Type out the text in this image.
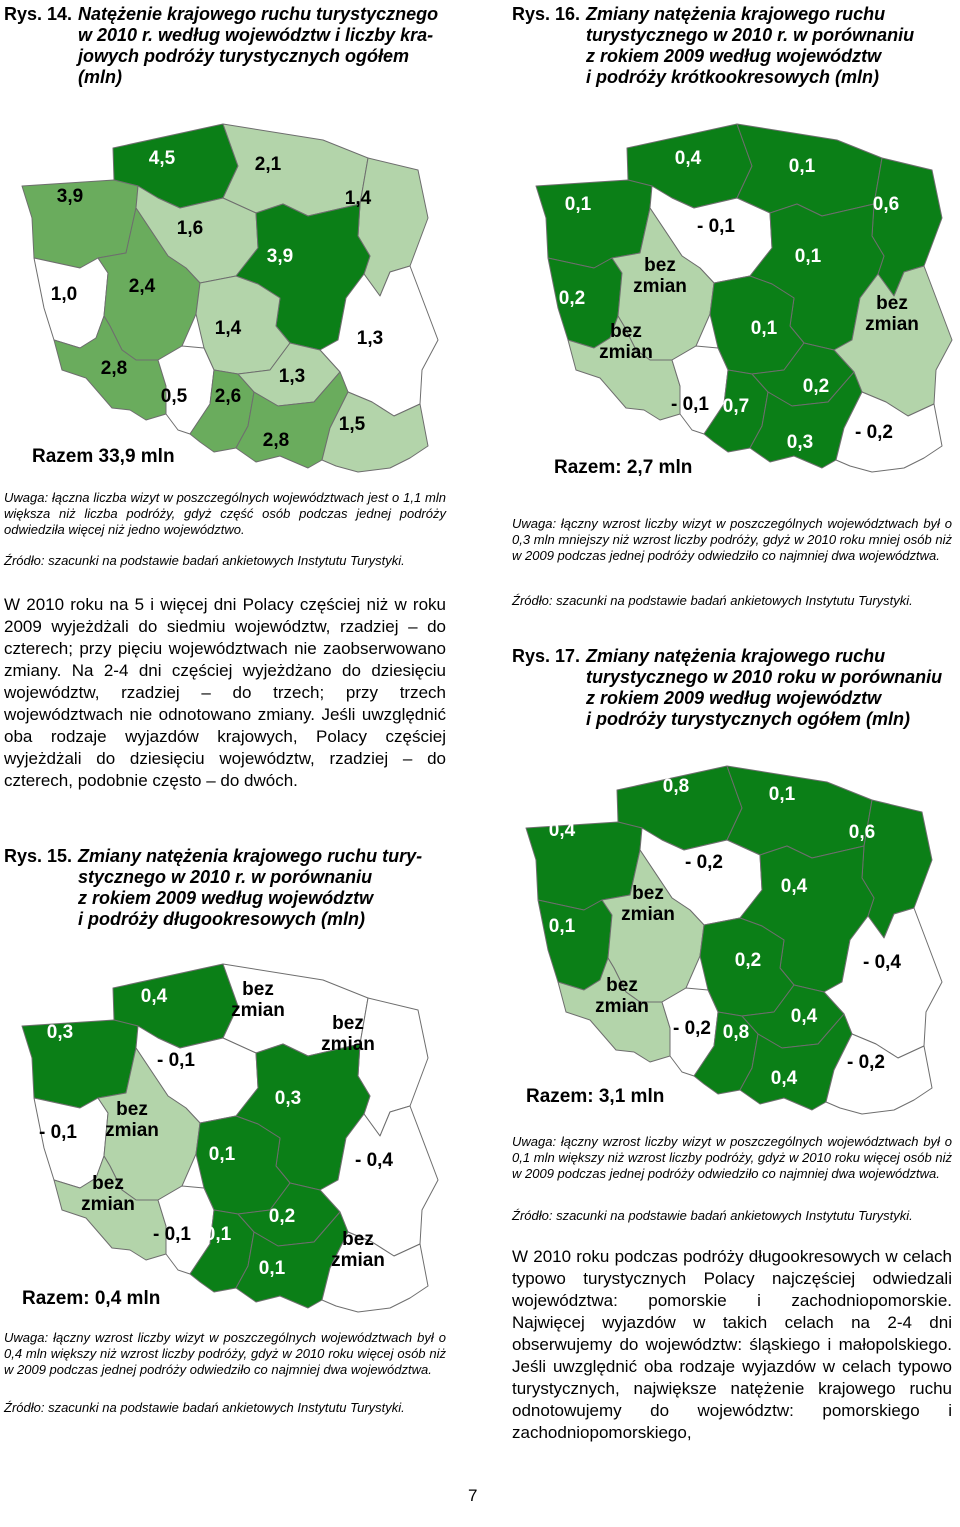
Rys. 14. Natężenie krajowego ruchu turystycznego
w 2010 r. według województw i liczby kra-
jowych podróży turystycznych ogółem
(mln)
4,5
3,9
2,1
1,4
1,6
3,9
1,0	2,4
1,4	1,3
2,8
0,5	2,6
1,3
2,8
1,5
Razem 33,9 mln
Uwaga: łączna liczba wizyt w poszczególnych województwach jest o 1,1 mln większa niż liczba podróży, gdyż część osób podczas jednej podróży odwiedziła więcej niż jedno województwo.
Źródło: szacunki na podstawie badań ankietowych Instytutu Turystyki.
W 2010 roku na 5 i więcej dni Polacy częściej niż w roku 2009 wyjeżdżali do siedmiu województw, rzadziej – do czterech; przy pięciu województwach nie zaobserwowano zmiany. Na 2-4 dni częściej wyjeżdżano do dziesięciu województw, rzadziej – do trzech; przy trzech województwach nie odnotowano zmiany. Jeśli uwzględnić oba rodzaje wyjazdów krajowych, Polacy częściej wyjeżdżali do dziesięciu województw, rzadziej – do czterech, podobnie często – do dwóch.
Rys. 15. Zmiany natężenia krajowego ruchu tury-
stycznego w 2010 r. w porównaniu
z rokiem 2009 według województw
i podróży długookresowych (mln)
0,4
0,3
bez
zmian
bez
zmian
- 0,1
0,3
- 0,1
bez
zmian
0,1	- 0,4
bez
zmian
- 0,1 0,1
0,2
0,1
bez
zmian
Razem: 0,4 mln
Uwaga: łączny wzrost liczby wizyt w poszczególnych województwach był o 0,4 mln większy niż wzrost liczby podróży, gdyż w 2010 roku więcej osób niż w 2009 podczas jednej podróży odwiedziło co najmniej dwa województwa.
Źródło: szacunki na podstawie badań ankietowych Instytutu Turystyki.
Rys. 16. Zmiany natężenia krajowego ruchu
turystycznego w 2010 r. w porównaniu
z rokiem 2009 według województw
i podróży krótkookresowych (mln)
0,4
0,1
0,1
0,6
- 0,1
0,1
0,2
bez
zmian
0,1
bez
zmian
bez
zmian
- 0,1 0,7
0,2
0,3	- 0,2
Razem: 2,7 mln
Uwaga: łączny wzrost liczby wizyt w poszczególnych województwach był o 0,3 mln mniejszy niż wzrost liczby podróży, gdyż w 2010 roku mniej osób niż w 2009 podczas jednej podróży odwiedziło co najmniej dwa województwa.
Źródło: szacunki na podstawie badań ankietowych Instytutu Turystyki.
Rys. 17. Zmiany natężenia krajowego ruchu
turystycznego w 2010 roku w porównaniu
z rokiem 2009 według województw
i podróży turystycznych ogółem (mln)
0,8
0,4
0,1
0,6
- 0,2
0,4
0,1
bez
zmian
0,2	- 0,4
bez
zmian
- 0,2 0,8
0,4
0,4
- 0,2
Razem: 3,1 mln
Uwaga: łączny wzrost liczby wizyt w poszczególnych województwach był o 0,1 mln większy niż wzrost liczby podróży, gdyż w 2010 roku więcej osób niż w 2009 podczas jednej podróży odwiedziło co najmniej dwa województwa.
Źródło: szacunki na podstawie badań ankietowych Instytutu Turystyki.
W 2010 roku podczas podróży długookresowych w celach typowo turystycznych Polacy najczęściej odwiedzali województwa: pomorskie i zachodniopomorskie. Najwięcej wyjazdów w takich celach na 2-4 dni obserwujemy do województw: śląskiego i małopolskiego. Jeśli uwzględnić oba rodzaje wyjazdów w celach typowo turystycznych, największe natężenie krajowego ruchu odnotowujemy do województw: pomorskiego i zachodniopomorskiego,
7
